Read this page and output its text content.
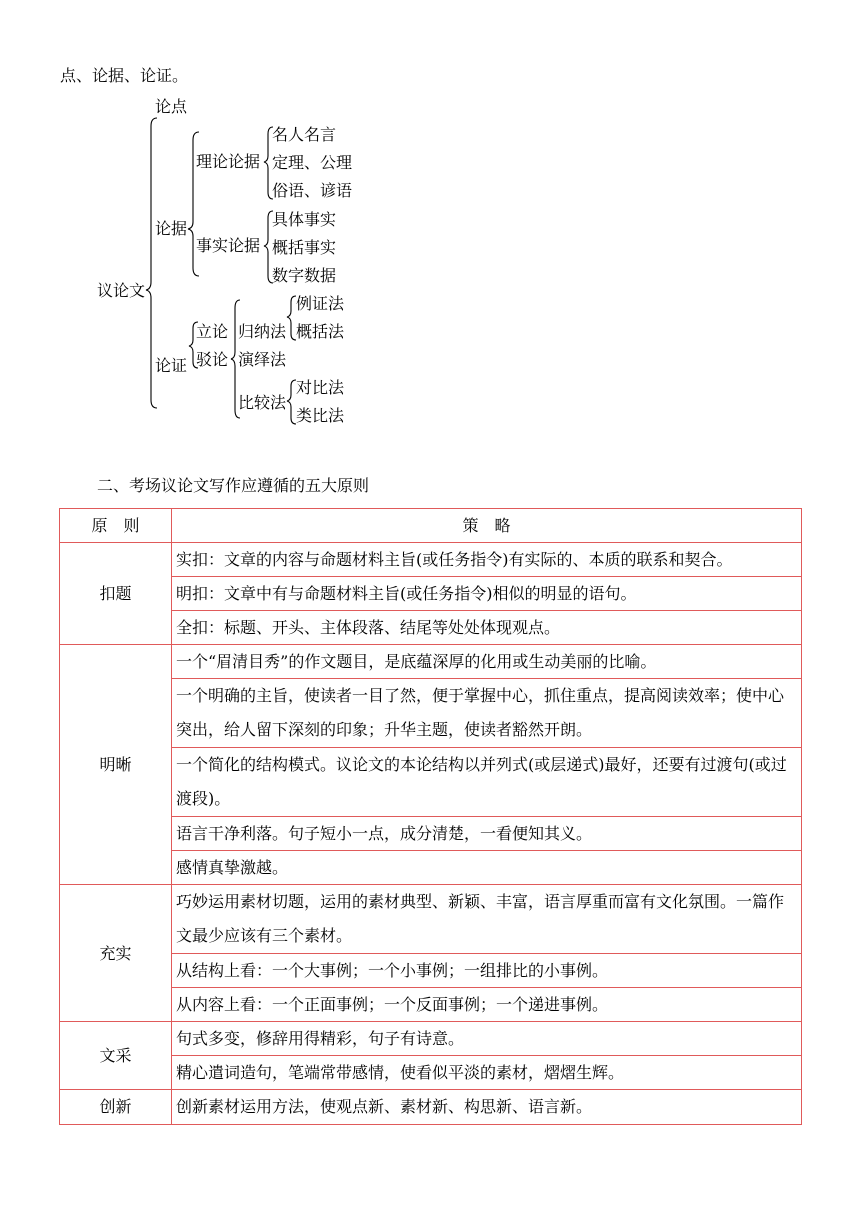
点、论据、论证。
论点
议论文
论据
理论论据
名人名言
定理、公理
俗语、谚语
事实论据
具体事实
概括事实
数字数据
论证
立论
驳论
归纳法
例证法
概括法
演绎法
比较法
对比法
类比法
二、考场议论文写作应遵循的五大原则
原　则	策　略
扣题	实扣：文章的内容与命题材料主旨(或任务指令)有实际的、本质的联系和契合。
	明扣：文章中有与命题材料主旨(或任务指令)相似的明显的语句。
	全扣：标题、开头、主体段落、结尾等处处体现观点。
明晰	一个“眉清目秀”的作文题目，是底蕴深厚的化用或生动美丽的比喻。
	一个明确的主旨，使读者一目了然，便于掌握中心，抓住重点，提高阅读效率；使中心突出，给人留下深刻的印象；升华主题，使读者豁然开朗。
	一个简化的结构模式。议论文的本论结构以并列式(或层递式)最好，还要有过渡句(或过渡段)。
	语言干净利落。句子短小一点，成分清楚，一看便知其义。
	感情真挚激越。
充实	巧妙运用素材切题，运用的素材典型、新颖、丰富，语言厚重而富有文化氛围。一篇作文最少应该有三个素材。
	从结构上看：一个大事例；一个小事例；一组排比的小事例。
	从内容上看：一个正面事例；一个反面事例；一个递进事例。
文采	句式多变，修辞用得精彩，句子有诗意。
	精心遣词造句，笔端常带感情，使看似平淡的素材，熠熠生辉。
创新	创新素材运用方法，使观点新、素材新、构思新、语言新。
